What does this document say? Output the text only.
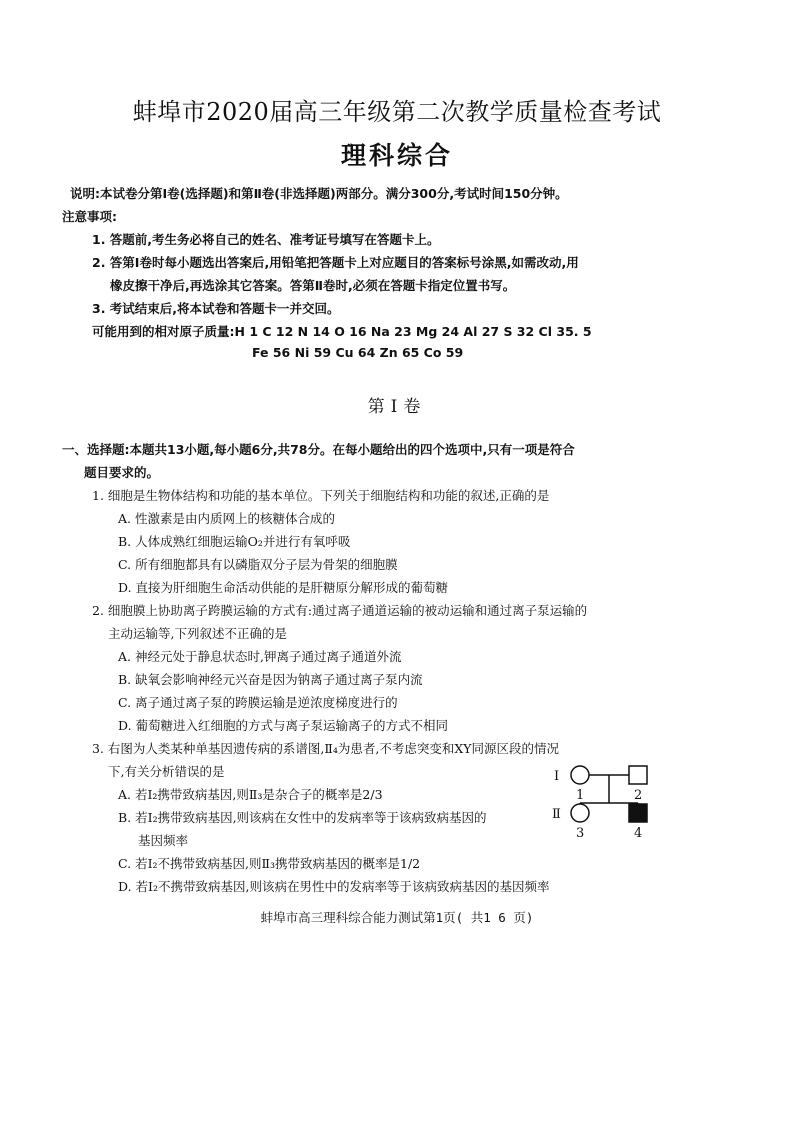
蚌埠市2020届高三年级第二次教学质量检查考试
理科综合
说明:本试卷分第Ⅰ卷(选择题)和第Ⅱ卷(非选择题)两部分。满分300分,考试时间150分钟。
注意事项:
1. 答题前,考生务必将自己的姓名、准考证号填写在答题卡上。
2. 答第Ⅰ卷时每小题选出答案后,用铅笔把答题卡上对应题目的答案标号涂黑,如需改动,用
橡皮擦干净后,再选涂其它答案。答第Ⅱ卷时,必须在答题卡指定位置书写。
3. 考试结束后,将本试卷和答题卡一并交回。
可能用到的相对原子质量:H 1 C 12 N 14 O 16 Na 23 Mg 24 Al 27 S 32 Cl 35. 5
Fe 56 Ni 59 Cu 64 Zn 65 Co 59
第Ⅰ卷
一、选择题:本题共13小题,每小题6分,共78分。在每小题给出的四个选项中,只有一项是符合
题目要求的。
1. 细胞是生物体结构和功能的基本单位。下列关于细胞结构和功能的叙述,正确的是
A. 性激素是由内质网上的核糖体合成的
B. 人体成熟红细胞运输O₂并进行有氧呼吸
C. 所有细胞都具有以磷脂双分子层为骨架的细胞膜
D. 直接为肝细胞生命活动供能的是肝糖原分解形成的葡萄糖
2. 细胞膜上协助离子跨膜运输的方式有:通过离子通道运输的被动运输和通过离子泵运输的
主动运输等,下列叙述不正确的是
A. 神经元处于静息状态时,钾离子通过离子通道外流
B. 缺氧会影响神经元兴奋是因为钠离子通过离子泵内流
C. 离子通过离子泵的跨膜运输是逆浓度梯度进行的
D. 葡萄糖进入红细胞的方式与离子泵运输离子的方式不相同
3. 右图为人类某种单基因遗传病的系谱图,Ⅱ₄为患者,不考虑突变和XY同源区段的情况
下,有关分析错误的是
A. 若Ⅰ₂携带致病基因,则Ⅱ₃是杂合子的概率是2/3
B. 若Ⅰ₂携带致病基因,则该病在女性中的发病率等于该病致病基因的
基因频率
C. 若Ⅰ₂不携带致病基因,则Ⅱ₃携带致病基因的概率是1/2
D. 若Ⅰ₂不携带致病基因,则该病在男性中的发病率等于该病致病基因的基因频率
Ⅰ
Ⅱ
1	2
3	4
蚌埠市高三理科综合能力测试第1页( 共1 6 页)
